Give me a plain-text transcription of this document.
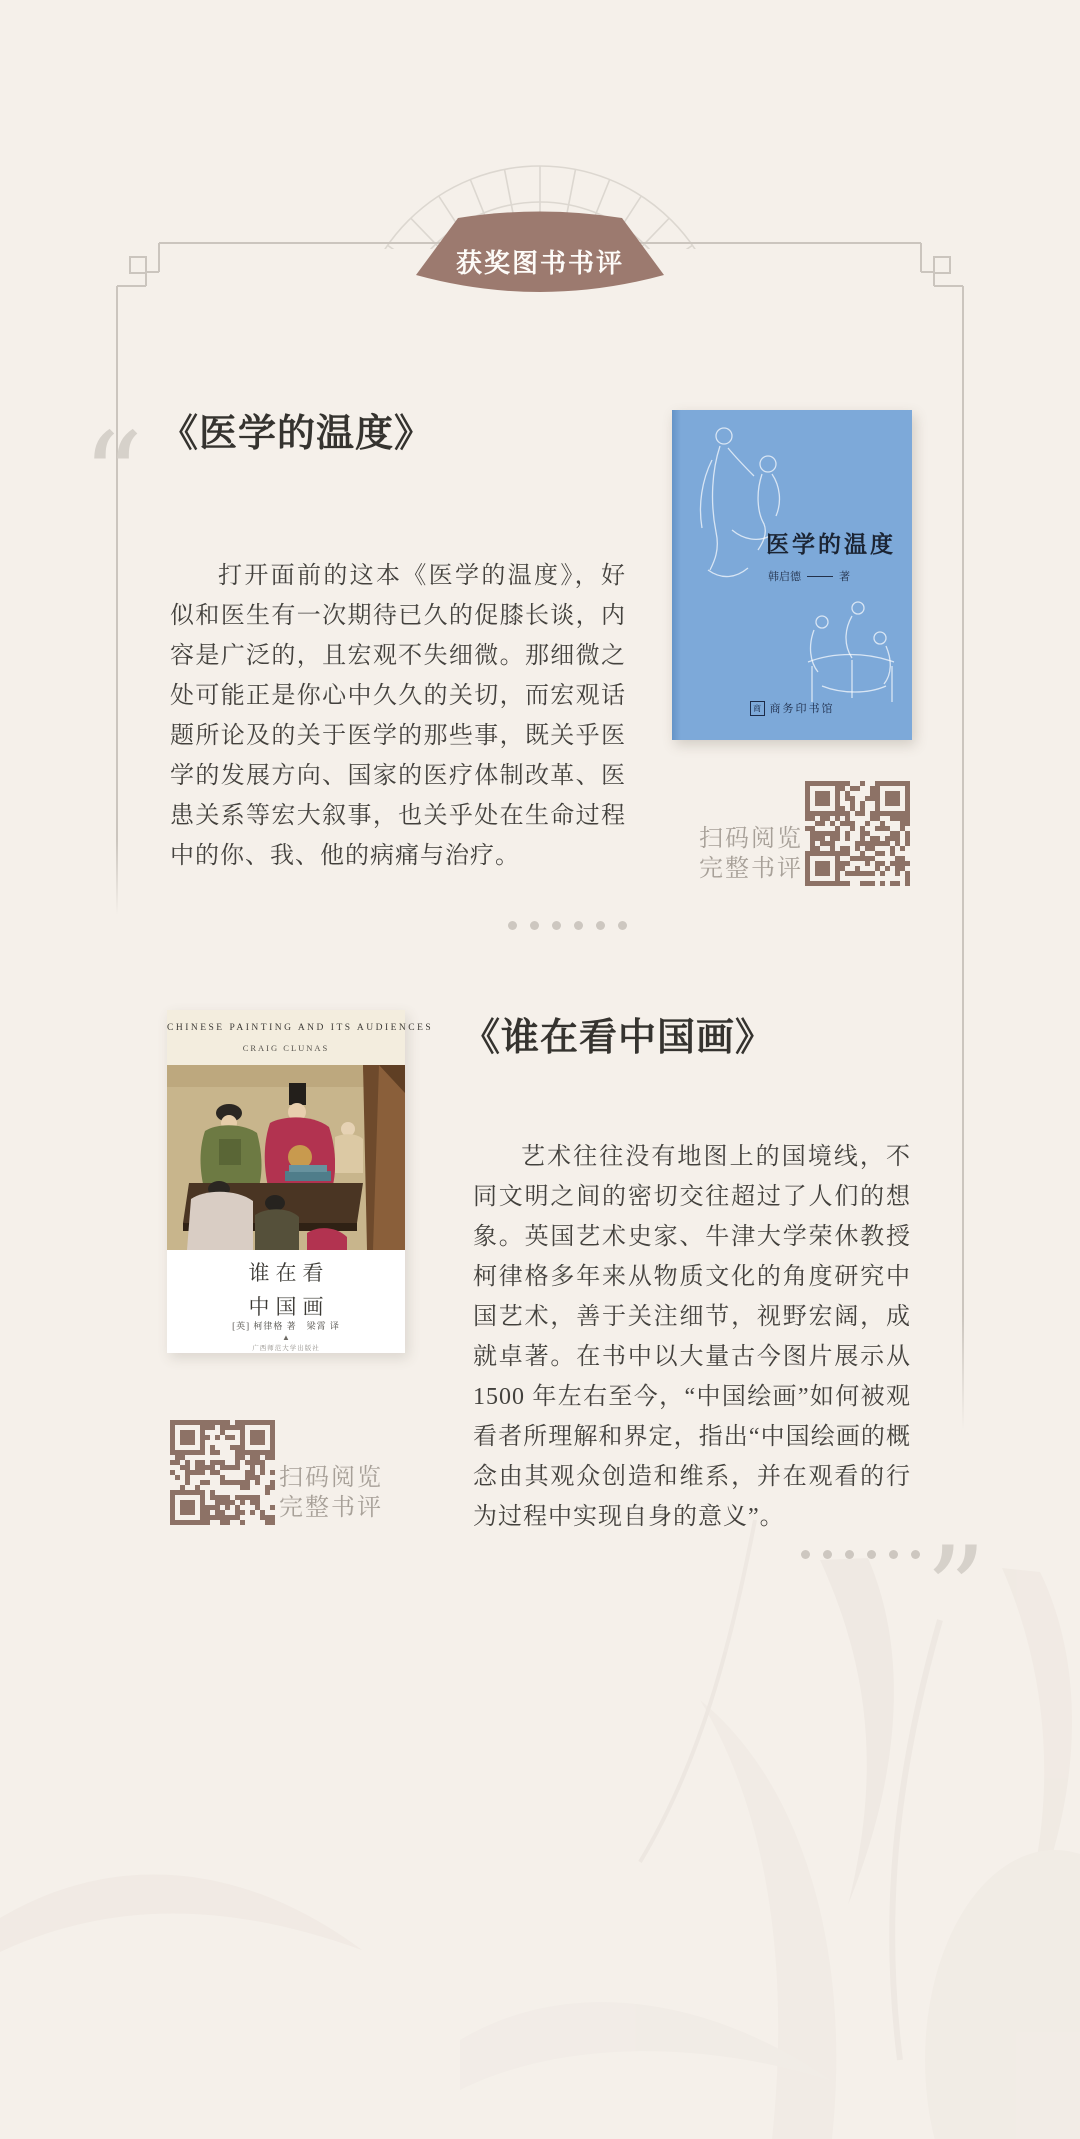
获奖图书书评
《医学的温度》
“
打开面前的这本《医学的温度》，好似和医生有一次期待已久的促膝长谈，内容是广泛的，且宏观不失细微。那细微之处可能正是你心中久久的关切，而宏观话题所论及的关于医学的那些事，既关乎医学的发展方向、国家的医疗体制改革、医患关系等宏大叙事，也关乎处在生命过程中的你、我、他的病痛与治疗。
医学的温度
韩启德	著
商 商务印书馆
扫码阅览
完整书评
CHINESE PAINTING AND ITS AUDIENCES
CRAIG CLUNAS
谁在看
中国画
[英] 柯律格 著　梁霄 译
▲
广西师范大学出版社
《谁在看中国画》
艺术往往没有地图上的国境线，不同文明之间的密切交往超过了人们的想象。英国艺术史家、牛津大学荣休教授柯律格多年来从物质文化的角度研究中国艺术，善于关注细节，视野宏阔，成就卓著。在书中以大量古今图片展示从 1500 年左右至今，“中国绘画”如何被观看者所理解和界定，指出“中国绘画的概念由其观众创造和维系，并在观看的行为过程中实现自身的意义”。
扫码阅览
完整书评
”
